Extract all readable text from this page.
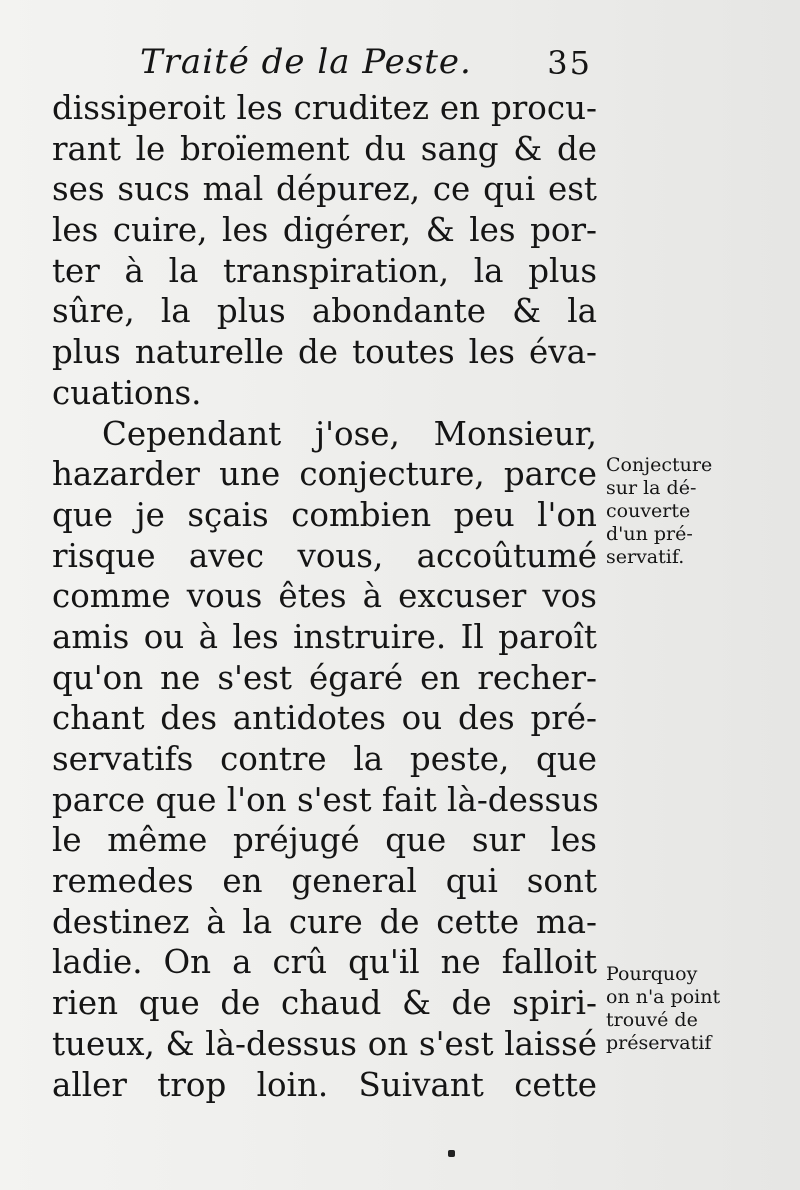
Traité de la Peste. 35
dissiperoit les cruditez en procu-
rant le broïement du sang & de
ses sucs mal dépurez, ce qui est
les cuire, les digérer, & les por-
ter à la transpiration, la plus
sûre, la plus abondante & la
plus naturelle de toutes les éva-
cuations.
Cependant j'ose, Monsieur,
hazarder une conjecture, parce
que je sçais combien peu l'on
risque avec vous, accoûtumé
comme vous êtes à excuser vos
amis ou à les instruire. Il paroît
qu'on ne s'est égaré en recher-
chant des antidotes ou des pré-
servatifs contre la peste, que
parce que l'on s'est fait là-dessus
le même préjugé que sur les
remedes en general qui sont
destinez à la cure de cette ma-
ladie. On a crû qu'il ne falloit
rien que de chaud & de spiri-
tueux, & là-dessus on s'est laissé
aller trop loin. Suivant cette
Conjecture
sur la dé-
couverte
d'un pré-
servatif.
Pourquoy
on n'a point
trouvé de
préservatif
